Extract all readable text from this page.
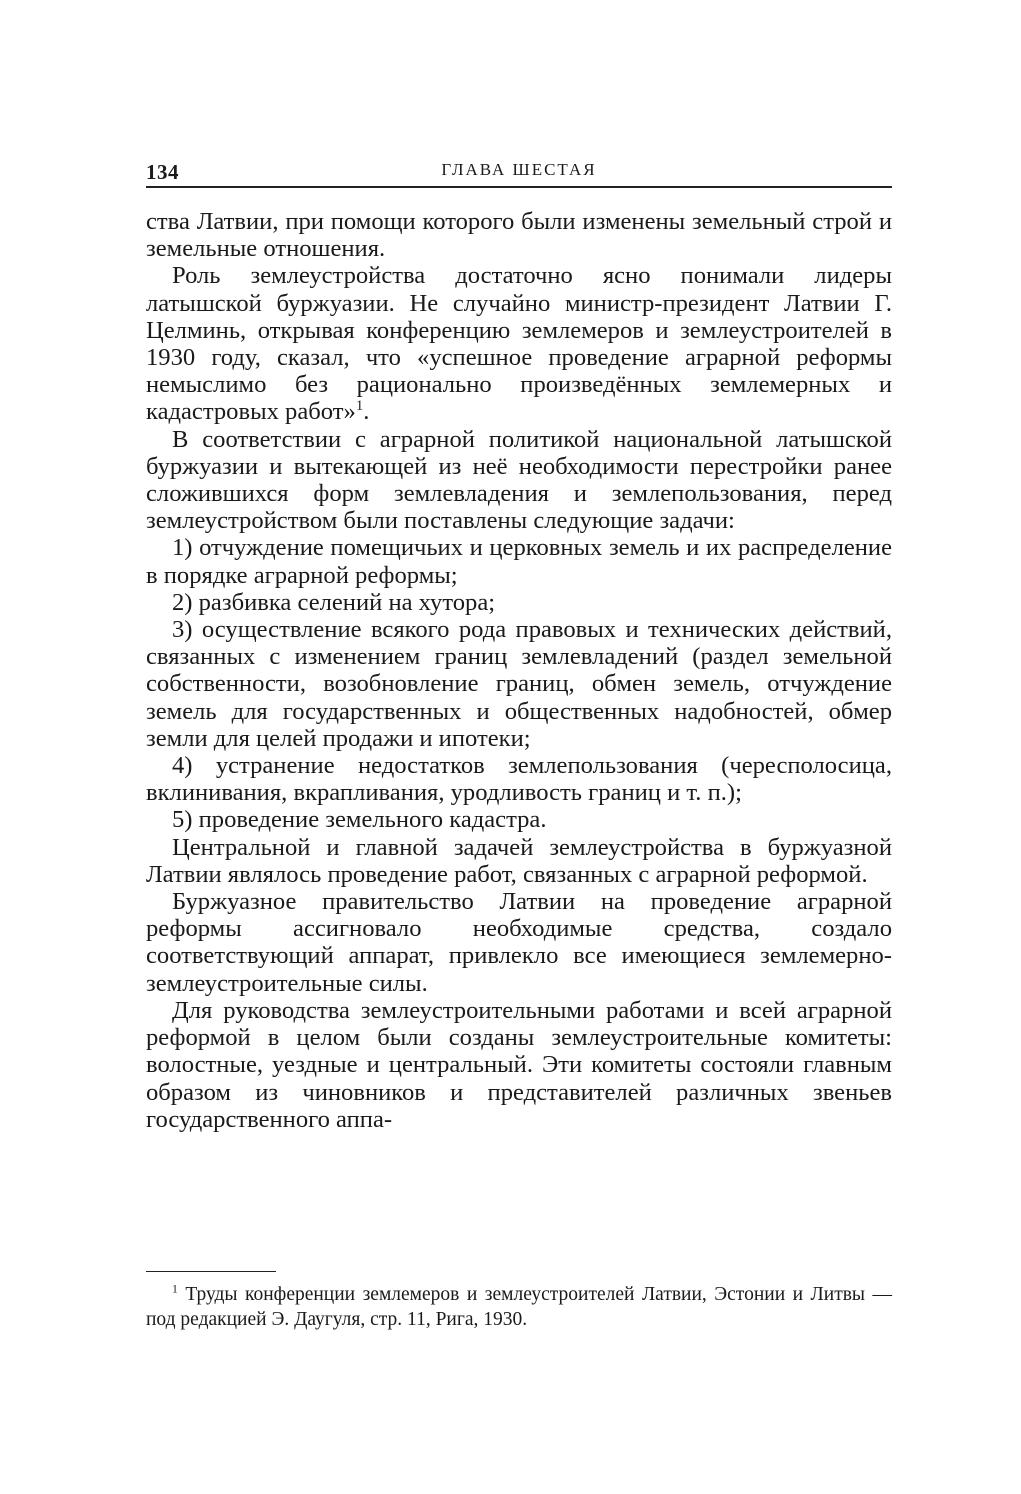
134	ГЛАВА ШЕСТАЯ

ства Латвии, при помощи которого были изменены земельный строй и земельные отношения.

Роль землеустройства достаточно ясно понимали лидеры латышской буржуазии. Не случайно министр-президент Латвии Г. Целминь, открывая конференцию землемеров и землеустроителей в 1930 году, сказал, что «успешное проведение аграрной реформы немыслимо без рационально произведённых землемерных и кадастровых работ»$^1$.

В соответствии с аграрной политикой национальной латышской буржуазии и вытекающей из неё необходимости перестройки ранее сложившихся форм землевладения и землепользования, перед землеустройством были поставлены следующие задачи:

1) отчуждение помещичьих и церковных земель и их распределение в порядке аграрной реформы;

2) разбивка селений на хутора;

3) осуществление всякого рода правовых и технических действий, связанных с изменением границ землевладений (раздел земельной собственности, возобновление границ, обмен земель, отчуждение земель для государственных и общественных надобностей, обмер земли для целей продажи и ипотеки;

4) устранение недостатков землепользования (чересполосица, вклинивания, вкрапливания, уродливость границ и т. п.);

5) проведение земельного кадастра.

Центральной и главной задачей землеустройства в буржуазной Латвии являлось проведение работ, связанных с аграрной реформой.

Буржуазное правительство Латвии на проведение аграрной реформы ассигновало необходимые средства, создало соответствующий аппарат, привлекло все имеющиеся землемерно-землеустроительные силы.

Для руководства землеустроительными работами и всей аграрной реформой в целом были созданы землеустроительные комитеты: волостные, уездные и центральный. Эти комитеты состояли главным образом из чиновников и представителей различных звеньев государственного аппа-

$^1$ Труды конференции землемеров и землеустроителей Латвии, Эстонии и Литвы — под редакцией Э. Даугуля, стр. 11, Рига, 1930.
